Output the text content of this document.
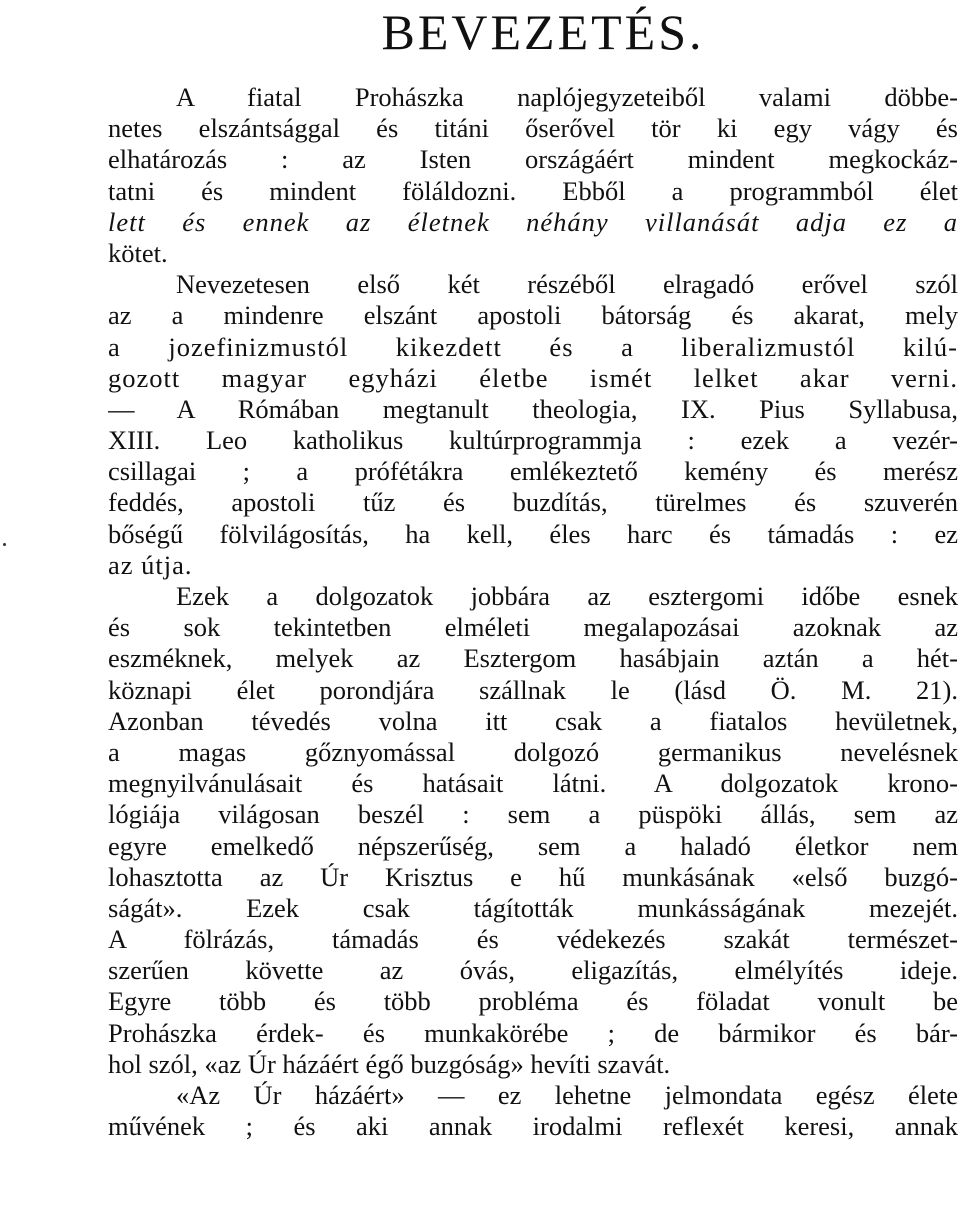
BEVEZETÉS.
A fiatal Prohászka naplójegyzeteiből valami döbbe-
netes elszántsággal és titáni őserővel tör ki egy vágy és
elhatározás : az Isten országáért mindent megkockáz-
tatni és mindent föláldozni. Ebből a programmból élet
lett és ennek az életnek néhány villanását adja ez a
kötet.
Nevezetesen első két részéből elragadó erővel szól
az a mindenre elszánt apostoli bátorság és akarat, mely
a jozefinizmustól kikezdett és a liberalizmustól kilú-
gozott magyar egyházi életbe ismét lelket akar verni.
— A Rómában megtanult theologia, IX. Pius Syllabusa,
XIII. Leo katholikus kultúrprogrammja : ezek a vezér-
csillagai ; a prófétákra emlékeztető kemény és merész
feddés, apostoli tűz és buzdítás, türelmes és szuverén
bőségű fölvilágosítás, ha kell, éles harc és támadás : ez
az útja.
Ezek a dolgozatok jobbára az esztergomi időbe esnek
és sok tekintetben elméleti megalapozásai azoknak az
eszméknek, melyek az Esztergom hasábjain aztán a hét-
köznapi élet porondjára szállnak le (lásd Ö. M. 21).
Azonban tévedés volna itt csak a fiatalos hevületnek,
a magas gőznyomással dolgozó germanikus nevelésnek
megnyilvánulásait és hatásait látni. A dolgozatok krono-
lógiája világosan beszél : sem a püspöki állás, sem az
egyre emelkedő népszerűség, sem a haladó életkor nem
lohasztotta az Úr Krisztus e hű munkásának «első buzgó-
ságát». Ezek csak tágították munkásságának mezejét.
A fölrázás, támadás és védekezés szakát természet-
szerűen követte az óvás, eligazítás, elmélyítés ideje.
Egyre több és több probléma és föladat vonult be
Prohászka érdek- és munkakörébe ; de bármikor és bár-
hol szól, «az Úr házáért égő buzgóság» hevíti szavát.
«Az Úr házáért» — ez lehetne jelmondata egész élete
művének ; és aki annak irodalmi reflexét keresi, annak
